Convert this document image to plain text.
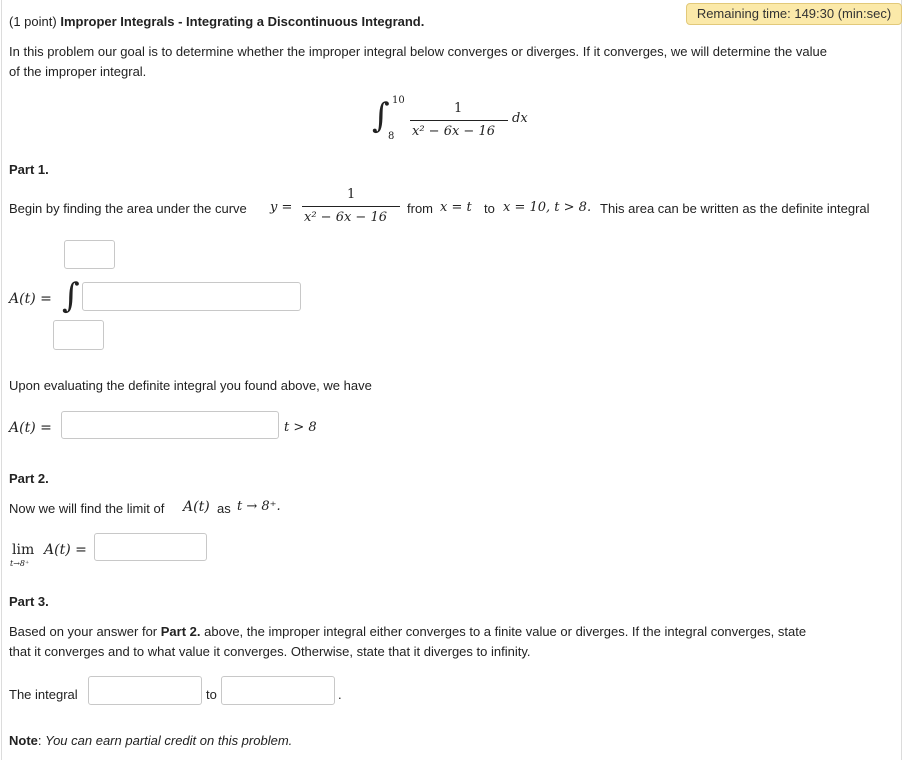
Remaining time: 149:30 (min:sec)
(1 point) Improper Integrals - Integrating a Discontinuous Integrand.
In this problem our goal is to determine whether the improper integral below converges or diverges. If it converges, we will determine the value
of the improper integral.
∫ 10
8
1
x² − 6x − 16
dx
Part 1.
Begin by finding the area under the curve y =
1
x² − 6x − 16
from x = t to x = 10, t > 8. This area can be written as the definite integral
A(t) = ∫
Upon evaluating the definite integral you found above, we have
A(t) =	t > 8
Part 2.
Now we will find the limit of A(t) as t → 8⁺.
lim
t→8⁺
A(t) =
Part 3.
Based on your answer for Part 2. above, the improper integral either converges to a finite value or diverges. If the integral converges, state
that it converges and to what value it converges. Otherwise, state that it diverges to infinity.
The integral	to	.
Note: You can earn partial credit on this problem.
